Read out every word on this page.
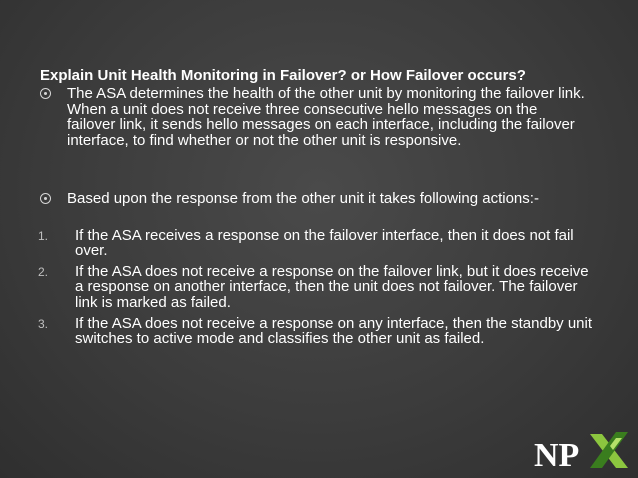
Explain Unit Health Monitoring in Failover? or How Failover occurs?
The ASA determines the health of the other unit by monitoring the failover link. When a unit does not receive three consecutive hello messages on the failover link, it sends hello messages on each interface, including the failover interface, to find whether or not the other unit is responsive.
Based upon the response from the other unit it takes following actions:-
1. If the ASA receives a response on the failover interface, then it does not fail over.
2. If the ASA does not receive a response on the failover link, but it does receive a response on another interface, then the unit does not failover. The failover link is marked as failed.
3. If the ASA does not receive a response on any interface, then the standby unit switches to active mode and classifies the other unit as failed.
NP
